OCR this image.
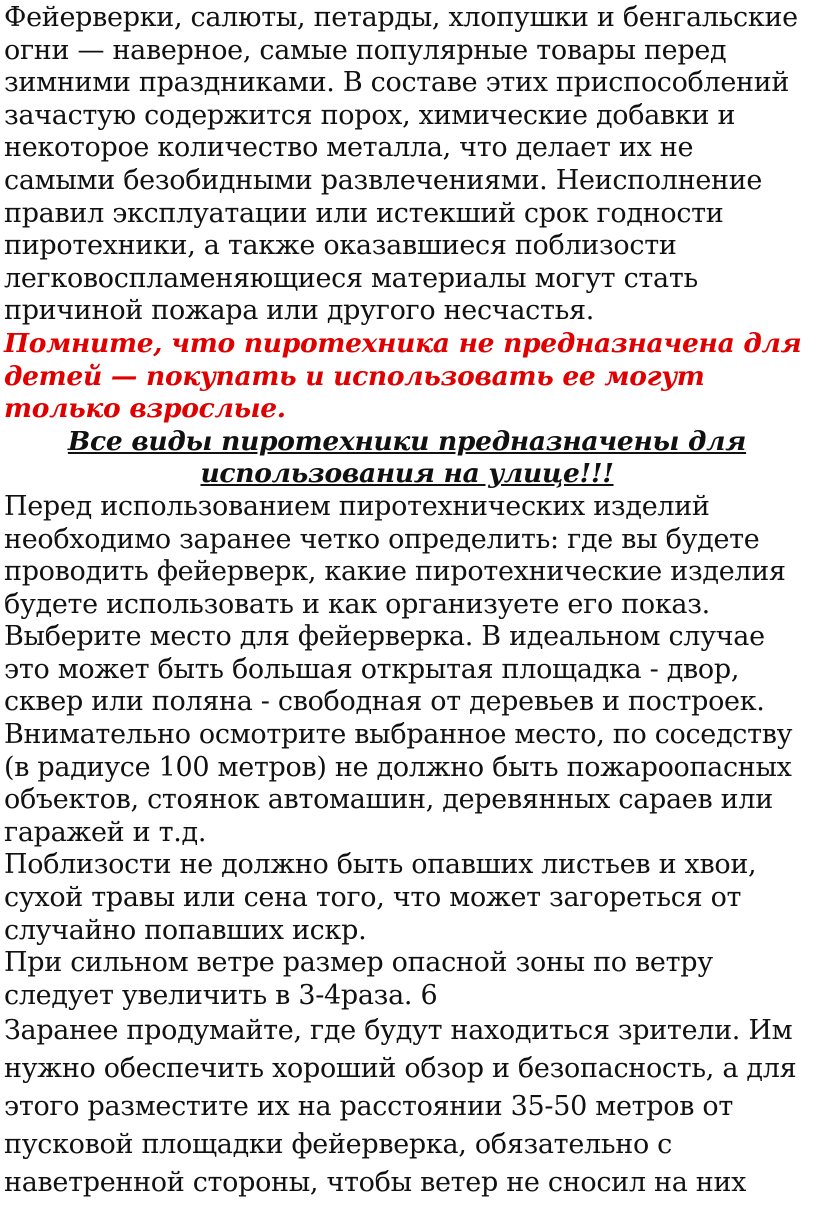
Фейерверки, салюты, петарды, хлопушки и бенгальские огни — наверное, самые популярные товары перед зимними праздниками. В составе этих приспособлений зачастую содержится порох, химические добавки и некоторое количество металла, что делает их не самыми безобидными развлечениями. Неисполнение правил эксплуатации или истекший срок годности пиротехники, а также оказавшиеся поблизости легковоспламеняющиеся материалы могут стать причиной пожара или другого несчастья.

Помните, что пиротехника не предназначена для детей — покупать и использовать ее могут только взрослые.

Все виды пиротехники предназначены для использования на улице!!!

Перед использованием пиротехнических изделий необходимо заранее четко определить: где вы будете проводить фейерверк, какие пиротехнические изделия будете использовать и как организуете его показ.

Выберите место для фейерверка. В идеальном случае это может быть большая открытая площадка - двор, сквер или поляна - свободная от деревьев и построек.

Внимательно осмотрите выбранное место, по соседству (в радиусе 100 метров) не должно быть пожароопасных объектов, стоянок автомашин, деревянных сараев или гаражей и т.д.

Поблизости не должно быть опавших листьев и хвои, сухой травы или сена того, что может загореться от случайно попавших искр.

При сильном ветре размер опасной зоны по ветру следует увеличить в 3-4раза. 6

Заранее продумайте, где будут находиться зрители. Им нужно обеспечить хороший обзор и безопасность, а для этого разместите их на расстоянии 35-50 метров от пусковой площадки фейерверка, обязательно с наветренной стороны, чтобы ветер не сносил на них
